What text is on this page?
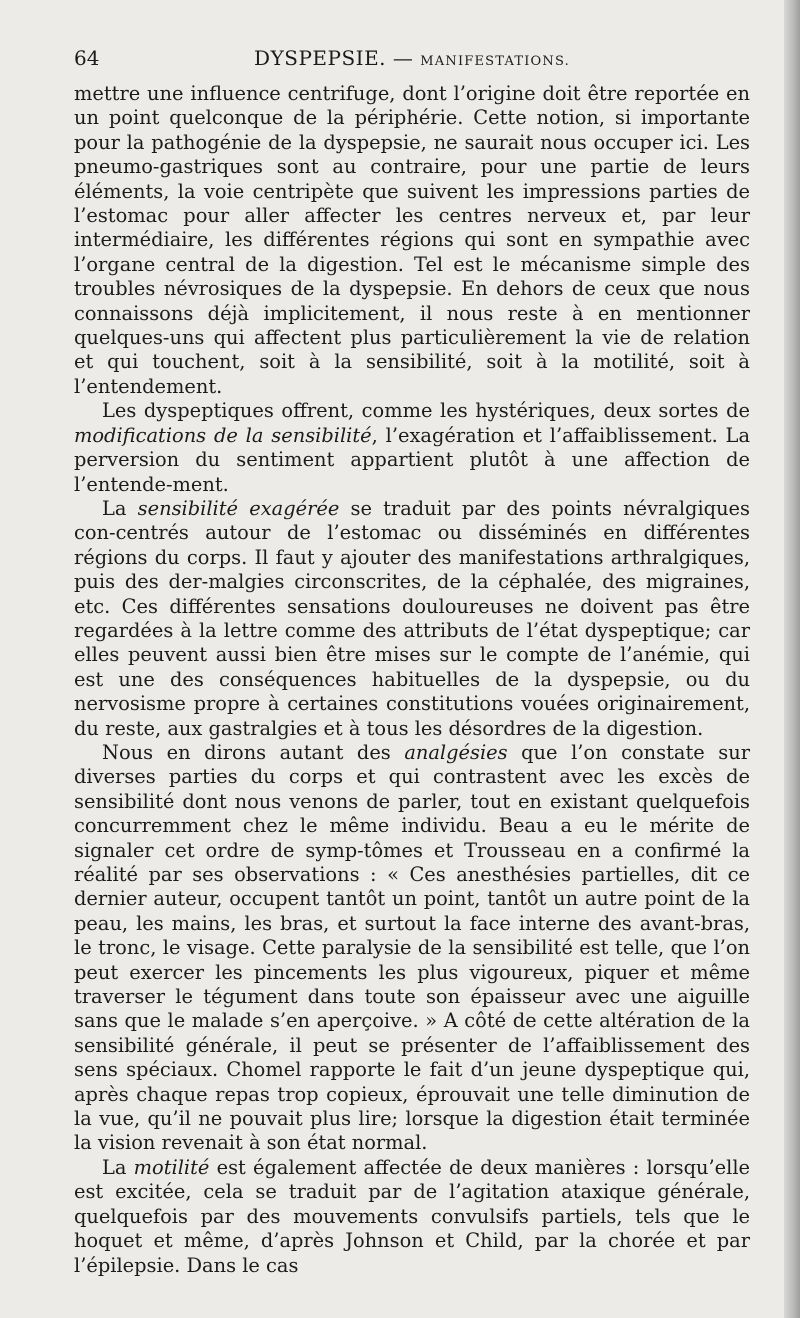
64	DYSPEPSIE. — MANIFESTATIONS.

mettre une influence centrifuge, dont l’origine doit être reportée en un point quelconque de la périphérie. Cette notion, si importante pour la pathogénie de la dyspepsie, ne saurait nous occuper ici. Les pneumo-gastriques sont au contraire, pour une partie de leurs éléments, la voie centripète que suivent les impressions parties de l’estomac pour aller affecter les centres nerveux et, par leur intermédiaire, les différentes régions qui sont en sympathie avec l’organe central de la digestion. Tel est le mécanisme simple des troubles névrosiques de la dyspepsie. En dehors de ceux que nous connaissons déjà implicitement, il nous reste à en mentionner quelques-uns qui affectent plus particulièrement la vie de relation et qui touchent, soit à la sensibilité, soit à la motilité, soit à l’entendement.

Les dyspeptiques offrent, comme les hystériques, deux sortes de modifications de la sensibilité, l’exagération et l’affaiblissement. La perversion du sentiment appartient plutôt à une affection de l’entende-ment.

La sensibilité exagérée se traduit par des points névralgiques con-centrés autour de l’estomac ou disséminés en différentes régions du corps. Il faut y ajouter des manifestations arthralgiques, puis des der-malgies circonscrites, de la céphalée, des migraines, etc. Ces différentes sensations douloureuses ne doivent pas être regardées à la lettre comme des attributs de l’état dyspeptique; car elles peuvent aussi bien être mises sur le compte de l’anémie, qui est une des conséquences habituelles de la dyspepsie, ou du nervosisme propre à certaines constitutions vouées originairement, du reste, aux gastralgies et à tous les désordres de la digestion.

Nous en dirons autant des analgésies que l’on constate sur diverses parties du corps et qui contrastent avec les excès de sensibilité dont nous venons de parler, tout en existant quelquefois concurremment chez le même individu. Beau a eu le mérite de signaler cet ordre de symp-tômes et Trousseau en a confirmé la réalité par ses observations : « Ces anesthésies partielles, dit ce dernier auteur, occupent tantôt un point, tantôt un autre point de la peau, les mains, les bras, et surtout la face interne des avant-bras, le tronc, le visage. Cette paralysie de la sensibilité est telle, que l’on peut exercer les pincements les plus vigoureux, piquer et même traverser le tégument dans toute son épaisseur avec une aiguille sans que le malade s’en aperçoive. » A côté de cette altération de la sensibilité générale, il peut se présenter de l’affaiblissement des sens spéciaux. Chomel rapporte le fait d’un jeune dyspeptique qui, après chaque repas trop copieux, éprouvait une telle diminution de la vue, qu’il ne pouvait plus lire; lorsque la digestion était terminée la vision revenait à son état normal.

La motilité est également affectée de deux manières : lorsqu’elle est excitée, cela se traduit par de l’agitation ataxique générale, quelquefois par des mouvements convulsifs partiels, tels que le hoquet et même, d’après Johnson et Child, par la chorée et par l’épilepsie. Dans le cas
